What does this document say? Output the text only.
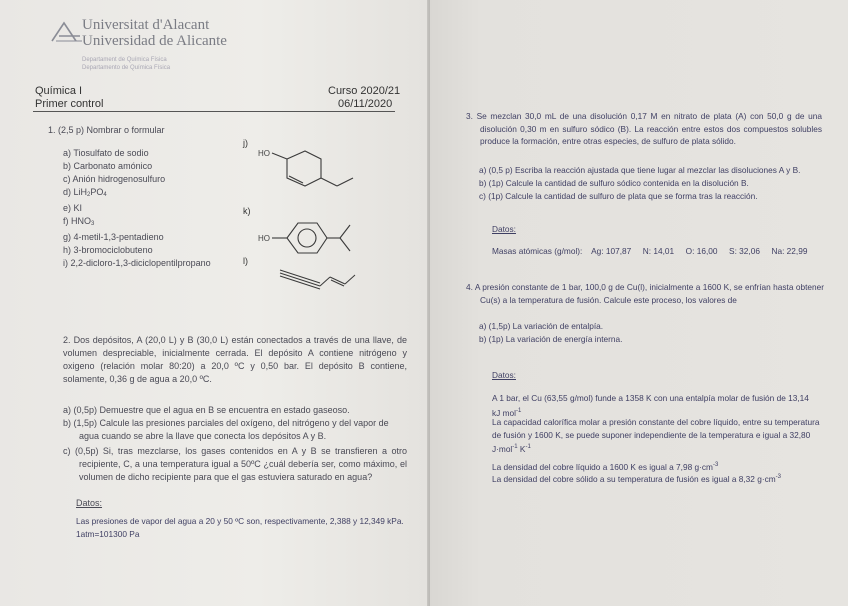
Universitat d'Alacant
Universidad de Alicante
Departament de Química Física
Departamento de Química Física
Química I
Primer control
Curso 2020/21
06/11/2020
1. (2,5 p) Nombrar o formular
a) Tiosulfato de sodio
b) Carbonato amónico
c) Anión hidrogenosulfuro
d) $LiH_2PO_4$
e) KI
f) $HNO_3$
g) 4-metil-1,3-pentadieno
h) 3-bromociclobuteno
i) 2,2-dicloro-1,3-diciclopentilpropano
j)
k)
l)
HO
HO
2. Dos depósitos, A (20,0 L) y B (30,0 L) están conectados a través de una llave, de volumen despreciable, inicialmente cerrada. El depósito A contiene nitrógeno y oxigeno (relación molar 80:20) a 20,0 ºC y 0,50 bar. El depósito B contiene, solamente, 0,36 g de agua a 20,0 ºC.
a) (0,5p) Demuestre que el agua en B se encuentra en estado gaseoso.
b) (1,5p) Calcule las presiones parciales del oxígeno, del nitrógeno y del vapor de agua cuando se abre la llave que conecta los depósitos A y B.
c) (0,5p) Si, tras mezclarse, los gases contenidos en A y B se transfieren a otro recipiente, C, a una temperatura igual a 50ºC ¿cuál debería ser, como máximo, el volumen de dicho recipiente para que el gas estuviera saturado en agua?
Datos:
Las presiones de vapor del agua a 20 y 50 ºC son, respectivamente, 2,388 y 12,349 kPa.
1atm=101300 Pa
3. Se mezclan 30,0 mL de una disolución 0,17 M en nitrato de plata (A) con 50,0 g de una disolución 0,30 m en sulfuro sódico (B). La reacción entre estos dos compuestos solubles produce la formación, entre otras especies, de sulfuro de plata sólido.
a) (0,5 p) Escriba la reacción ajustada que tiene lugar al mezclar las disoluciones A y B.
b) (1p) Calcule la cantidad de sulfuro sódico contenida en la disolución B.
c) (1p) Calcule la cantidad de sulfuro de plata que se forma tras la reacción.
Datos:
Masas atómicas (g/mol):    Ag: 107,87     N: 14,01     O: 16,00     S: 32,06     Na: 22,99
4. A presión constante de 1 bar, 100,0 g de Cu(l), inicialmente a 1600 K, se enfrían hasta obtener Cu(s) a la temperatura de fusión. Calcule este proceso, los valores de
a) (1,5p) La variación de entalpía.
b) (1p) La variación de energía interna.
Datos:
A 1 bar, el Cu (63,55 g/mol) funde a 1358 K con una entalpía molar de fusión de 13,14
kJ mol$^{-1}$
La capacidad calorífica molar a presión constante del cobre líquido, entre su temperatura
de fusión y 1600 K, se puede suponer independiente de la temperatura e igual a 32,80
J·mol$^{-1}$ $K^{-1}$
La densidad del cobre líquido a 1600 K es igual a 7,98 $g\cdot cm^{-3}$
La densidad del cobre sólido a su temperatura de fusión es igual a 8,32 $g\cdot cm^{-3}$
